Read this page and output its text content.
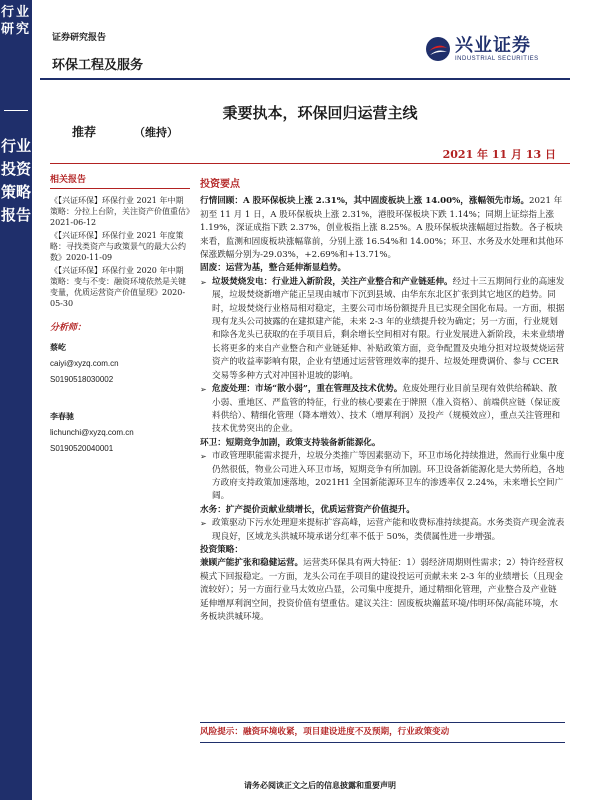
行业研究
行业投资策略报告
证券研究报告
环保工程及服务
兴业证券
INDUSTRIAL SECURITIES
秉要执本，环保回归运营主线
推荐	（维持）
2021 年 11 月 13 日
相关报告
《【兴证环保】环保行业 2021 年中期策略：分拉上台阶，关注资产价值重估》2021-06-12
《【兴证环保】环保行业 2021 年度策略：寻找类资产与政策景气的最大公约数》2020-11-09
《【兴证环保】环保行业 2020 年中期策略：变与不变：融资环境依然是关键变量，优质运营资产价值显现》2020-05-30
分析师：
蔡屹
caiyi@xyzq.com.cn
S0190518030002
李春驰
lichunchi@xyzq.com.cn
S0190520040001
投资要点
行情回顾：A 股环保板块上涨 2.31%，其中固废板块上涨 14.00%，涨幅领先市场。2021 年初至 11 月 1 日，A 股环保板块上涨 2.31%，港股环保板块下跌 1.14%；同期上证综指上涨 1.19%，深证成指下跌 2.37%，创业板指上涨 8.25%。A 股环保板块涨幅超过指数。各子板块来看，监测和固废板块涨幅靠前，分别上涨 16.54%和 14.00%；环卫、水务及水处理和其他环保涨跌幅分别为-29.03%，+2.69%和+13.71%。
固废：运营为基，整合延伸渐显趋势。
➢ 垃圾焚烧发电：行业进入新阶段，关注产业整合和产业链延伸。经过十三五期间行业的高速发展，垃圾焚烧新增产能正呈现由城市下沉到县域、由华东东北区扩张到其它地区的趋势。同时，垃圾焚烧行业格局相对稳定，主要公司市场份额提升且已实现全国化布局。一方面，根据现有龙头公司披露的在建拟建产能，未来 2-3 年的业绩提升较为确定；另一方面，行业规划和除各龙头已获取的在手项目后，剩余增长空间相对有限。行业发展进入新阶段，未来业绩增长将更多的来自产业整合和产业链延伸、补贴政策方面，竞争配置及央地分担对垃圾焚烧运营资产的收益率影响有限，企业有望通过运营管理效率的提升、垃圾处理费调价、参与 CCER 交易等多种方式对冲国补退坡的影响。
➢ 危废处理：市场“散小弱”，重在管理及技术优势。危废处理行业目前呈现有效供给稀缺、散小弱、重地区、严监管的特征，行业的核心要素在于牌照（准入资格）、前端供应链（保证废料供给）、精细化管理（降本增效）、技术（增厚利润）及投产（规模效应），重点关注管理和技术优势突出的企业。
环卫：短期竞争加剧，政策支持装备新能源化。
➢ 市政管理职能需求提升，垃圾分类推广等因素驱动下，环卫市场化持续推进，然而行业集中度仍然很低，物业公司进入环卫市场，短期竞争有所加剧。环卫设备新能源化是大势所趋，各地方政府支持政策加速落地，2021H1 全国新能源环卫车的渗透率仅 2.24%，未来增长空间广阔。
水务：扩产提价贡献业绩增长，优质运营资产价值提升。
➢ 政策驱动下污水处理迎来提标扩容高峰，运营产能和收费标准持续提高。水务类资产现金流表现良好，区域龙头洪城环境承诺分红率不低于 50%，类债属性进一步增强。
投资策略：
兼顾产能扩张和稳健运营。运营类环保具有两大特征：1）弱经济周期则性需求；2）特许经营权模式下回报稳定。一方面，龙头公司在手项目的建设投运可贡献未来 2-3 年的业绩增长（且现金流较好）；另一方面行业马太效应凸显，公司集中度提升，通过精细化管理，产业整合及产业链延伸增厚利润空间，投资价值有望重估。建议关注：固废板块瀚蓝环境/伟明环保/高能环境，水务板块洪城环境。
风险提示：融资环境收紧，项目建设进度不及预期，行业政策变动
请务必阅读正文之后的信息披露和重要声明
